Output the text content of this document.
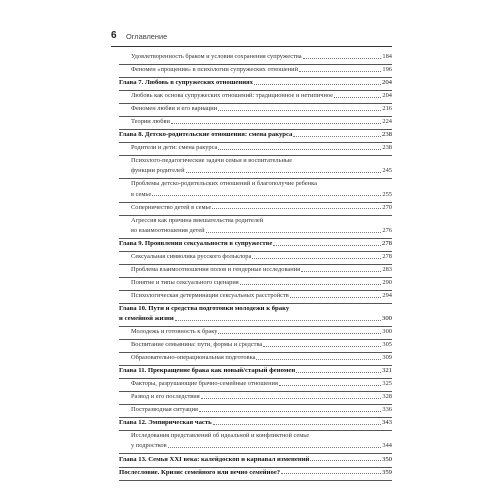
6 Оглавление
Удовлетворенность браком и условия сохранения супружества	184
Феномен «прощения» в психологии супружеских отношений	196
Глава 7. Любовь в супружеских отношениях	204
Любовь как основа супружеских отношений: традиционное и нетипичное	204
Феномен любви и его вариации	216
Теории любви	224
Глава 8. Детско-родительские отношения: смена ракурса	238
Родители и дети: смена ракурса	238
Психолого-педагогические задачи семьи и воспитательные
функции родителей	245
Проблемы детско-родительских отношений и благополучие ребенка
в семье	255
Соперничество детей в семье	270
Агрессия как причина вмешательства родителей
во взаимоотношения детей	276
Глава 9. Проявления сексуальности в супружестве	278
Сексуальная символика русского фольклора	278
Проблема взаимоотношения полов и гендерные исследования	283
Понятие и типы сексуального сценария	290
Психологическая детерминация сексуальных расстройств	294
Глава 10. Пути и средства подготовки молодежи к браку
и семейной жизни	300
Молодежь и готовность к браку	300
Воспитание семьянина: пути, формы и средства	305
Образовательно-операциональная подготовка	309
Глава 11. Прекращение брака как новый/старый феномен	321
Факторы, разрушающие брачно-семейные отношения	325
Развод и его последствия	328
Постразводная ситуация	336
Глава 12. Эмпирическая часть	343
Исследования представлений об идеальной и конфликтной семье
у подростков	344
Глава 13. Семья XXI века: калейдоскоп и карнавал изменений	350
Послесловие. Кризис семейного или вечно семейное?	359
